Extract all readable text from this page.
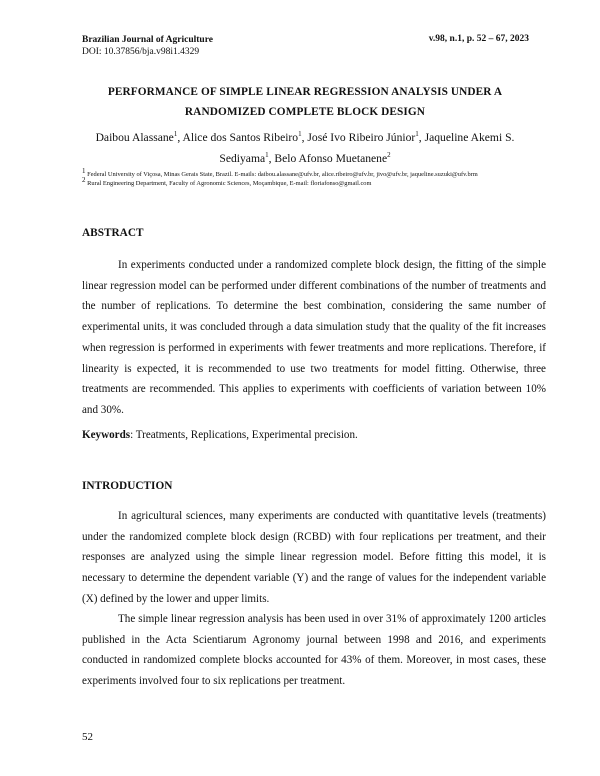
Brazilian Journal of Agriculture
DOI: 10.37856/bja.v98i1.4329
v.98, n.1, p. 52 – 67, 2023
PERFORMANCE OF SIMPLE LINEAR REGRESSION ANALYSIS UNDER A
RANDOMIZED COMPLETE BLOCK DESIGN
Daibou Alassane$^1$, Alice dos Santos Ribeiro$^1$, José Ivo Ribeiro Júnior$^1$, Jaqueline Akemi S. Sediyama$^1$, Belo Afonso Muetanene$^2$
$^1$ Federal University of Viçosa, Minas Gerais State, Brazil. E-mails: daibou.alassane@ufv.br, alice.ribeiro@ufv.br, jivo@ufv.br, jaqueline.suzuki@ufv.brm
$^2$ Rural Engineering Department, Faculty of Agronomic Sciences, Moçambique, E-mail: floriafonso@gmail.com
ABSTRACT

In experiments conducted under a randomized complete block design, the fitting of the simple linear regression model can be performed under different combinations of the number of treatments and the number of replications. To determine the best combination, considering the same number of experimental units, it was concluded through a data simulation study that the quality of the fit increases when regression is performed in experiments with fewer treatments and more replications. Therefore, if linearity is expected, it is recommended to use two treatments for model fitting. Otherwise, three treatments are recommended. This applies to experiments with coefficients of variation between 10% and 30%.

Keywords: Treatments, Replications, Experimental precision.
INTRODUCTION

In agricultural sciences, many experiments are conducted with quantitative levels (treatments) under the randomized complete block design (RCBD) with four replications per treatment, and their responses are analyzed using the simple linear regression model. Before fitting this model, it is necessary to determine the dependent variable (Y) and the range of values for the independent variable (X) defined by the lower and upper limits.

The simple linear regression analysis has been used in over 31% of approximately 1200 articles published in the Acta Scientiarum Agronomy journal between 1998 and 2016, and experiments conducted in randomized complete blocks accounted for 43% of them. Moreover, in most cases, these experiments involved four to six replications per treatment.

52
